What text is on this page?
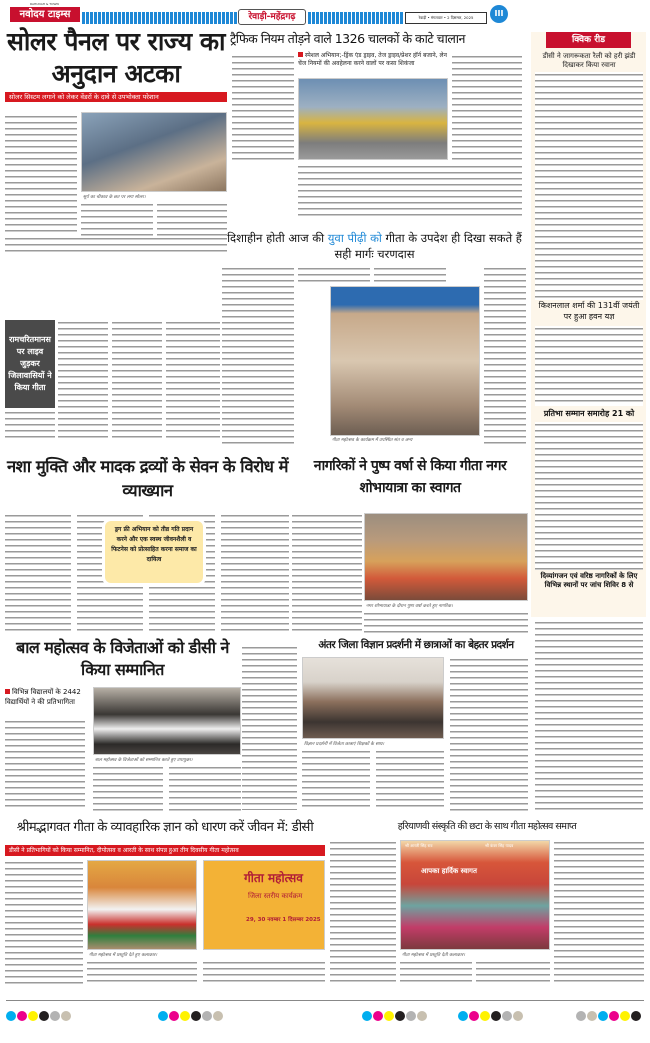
RAHUDAH & TOWN
नवोदय टाइम्स	रेवाड़ी-महेंद्रगढ़	रेवाड़ी • मंगलवार • 2 दिसम्बर, 2025	III
सोलर पैनल पर राज्य का अनुदान अटका
सोलर सिस्टम लगाने को लेकर वेंडरों के दावे से उपभोक्ता परेशान
सूर्य का चौकाव के छत पर लगा सोलर।
ट्रैफिक नियम तोड़ने वाले 1326 चालकों के काटे चालान
स्पेशल अभियान;-ड्रिंक एंड ड्राइव, तेज ड्राइव/प्रेशर हॉर्न बजाने, लेन चेंज नियमों की अवहेलना करने वालों पर कसा शिकंजा
क्विक रीड
डीसी ने जागरूकता रैली को हरी झंडी दिखाकर किया रवाना
किशनलाल शर्मा की 131वीं जयंती पर हुआ हवन यज्ञ
प्रतिभा सम्मान समारोह 21 को
दिव्यांगजन एवं वरिष्ठ नागरिकों के लिए विभिन्न स्थानों पर जांच शिविर 8 से
दिशाहीन होती आज की युवा पीढ़ी को गीता के उपदेश ही दिखा सकते हैं सही मार्गः चरणदास
गीता महोत्सव के कार्यक्रम में उपस्थित संत व अन्य
रामचरितमानस पर लाइव जुड़कर जिलावासियों ने किया गीता
नशा मुक्ति और मादक द्रव्यों के सेवन के विरोध में व्याख्यान
ड्रग फ्री अभियान को तीव्र गति प्रदान करने और एक स्वस्थ जीवनशैली व फिटनेस को प्रोत्साहित करना समाज का दायित्व
नागरिकों ने पुष्प वर्षा से किया गीता नगर शोभायात्रा का स्वागत
नगर शोभायात्रा के दौरान पुष्प वर्षा करते हुए नागरिक।
बाल महोत्सव के विजेताओं को डीसी ने किया सम्मानित
विभिन्न विद्यालयों के 2442 विद्यार्थियों ने की प्रतिभागिता
बाल महोत्सव के विजेताओं को सम्मानित करते हुए उपायुक्त।
अंतर जिला विज्ञान प्रदर्शनी में छात्राओं का बेहतर प्रदर्शन
विज्ञान प्रदर्शनी में विजेता छात्राएं शिक्षकों के साथ।
श्रीमद्भागवत गीता के व्यावहारिक ज्ञान को धारण करें जीवन में: डीसी
डीसी ने प्रतिभागियों को किया सम्मानित, दीपोत्सव व आरती के साथ संपन्न हुआ तीन दिवसीय गीता महोत्सव
गीता महोत्सव में प्रस्तुति देते हुए कलाकार।
गीता महोत्सव
जिला स्तरीय कार्यक्रम
29, 30 नवम्बर 1 दिसम्बर 2025
हरियाणवी संस्कृति की छटा के साथ गीता महोत्सव समाप्त
श्री आरती सिंह राव	श्री कंवर सिंह यादव
आपका हार्दिक स्वागत
गीता महोत्सव में प्रस्तुति देती कलाकार।
